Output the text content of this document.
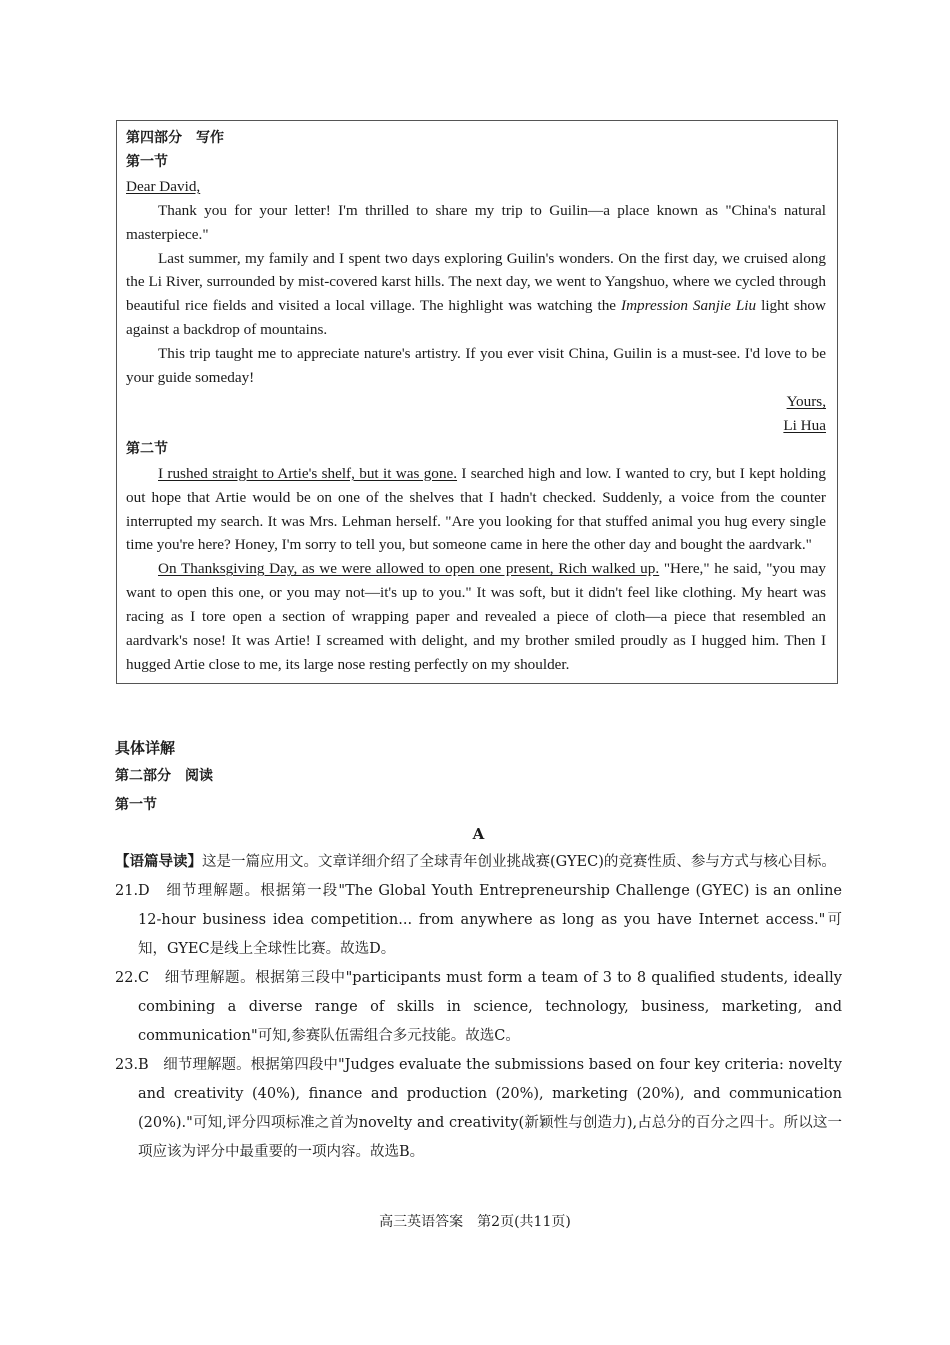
第四部分　写作
第一节

Dear David,

Thank you for your letter! I'm thrilled to share my trip to Guilin—a place known as "China's natural masterpiece."

Last summer, my family and I spent two days exploring Guilin's wonders. On the first day, we cruised along the Li River, surrounded by mist-covered karst hills. The next day, we went to Yangshuo, where we cycled through beautiful rice fields and visited a local village. The highlight was watching the Impression Sanjie Liu light show against a backdrop of mountains.

This trip taught me to appreciate nature's artistry. If you ever visit China, Guilin is a must-see. I'd love to be your guide someday!

Yours,

Li Hua

第二节

I rushed straight to Artie's shelf, but it was gone. I searched high and low. I wanted to cry, but I kept holding out hope that Artie would be on one of the shelves that I hadn't checked. Suddenly, a voice from the counter interrupted my search. It was Mrs. Lehman herself. "Are you looking for that stuffed animal you hug every single time you're here? Honey, I'm sorry to tell you, but someone came in here the other day and bought the aardvark."

On Thanksgiving Day, as we were allowed to open one present, Rich walked up. "Here," he said, "you may want to open this one, or you may not—it's up to you." It was soft, but it didn't feel like clothing. My heart was racing as I tore open a section of wrapping paper and revealed a piece of cloth—a piece that resembled an aardvark's nose! It was Artie! I screamed with delight, and my brother smiled proudly as I hugged him. Then I hugged Artie close to me, its large nose resting perfectly on my shoulder.

具体详解
第二部分　阅读
第一节
A

【语篇导读】这是一篇应用文。文章详细介绍了全球青年创业挑战赛(GYEC)的竞赛性质、参与方式与核心目标。

21. D　细节理解题。根据第一段"The Global Youth Entrepreneurship Challenge (GYEC) is an online 12-hour business idea competition... from anywhere as long as you have Internet access."可知，GYEC是线上全球性比赛。故选D。
22. C　细节理解题。根据第三段中"participants must form a team of 3 to 8 qualified students, ideally combining a diverse range of skills in science, technology, business, marketing, and communication"可知,参赛队伍需组合多元技能。故选C。
23. B　细节理解题。根据第四段中"Judges evaluate the submissions based on four key criteria: novelty and creativity (40%), finance and production (20%), marketing (20%), and communication (20%)."可知,评分四项标准之首为novelty and creativity(新颖性与创造力),占总分的百分之四十。所以这一项应该为评分中最重要的一项内容。故选B。
高三英语答案　第2页(共11页)
